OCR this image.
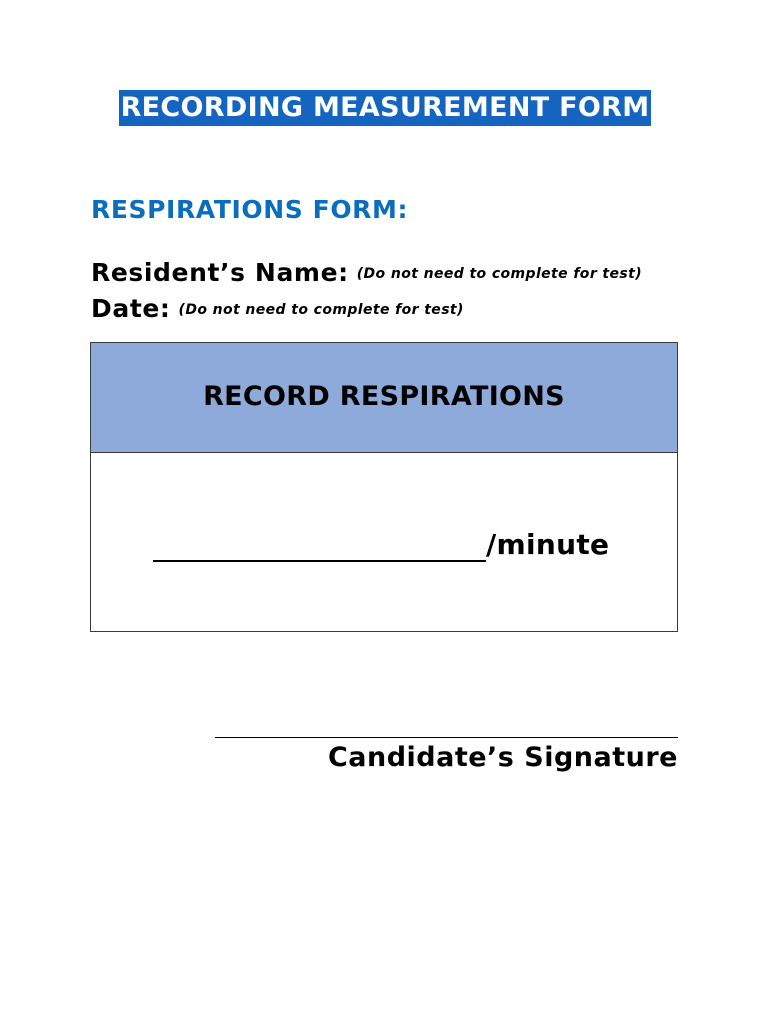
RECORDING MEASUREMENT FORM
RESPIRATIONS FORM:
Resident’s Name: (Do not need to complete for test)
Date: (Do not need to complete for test)
RECORD RESPIRATIONS
/minute
Candidate’s Signature
